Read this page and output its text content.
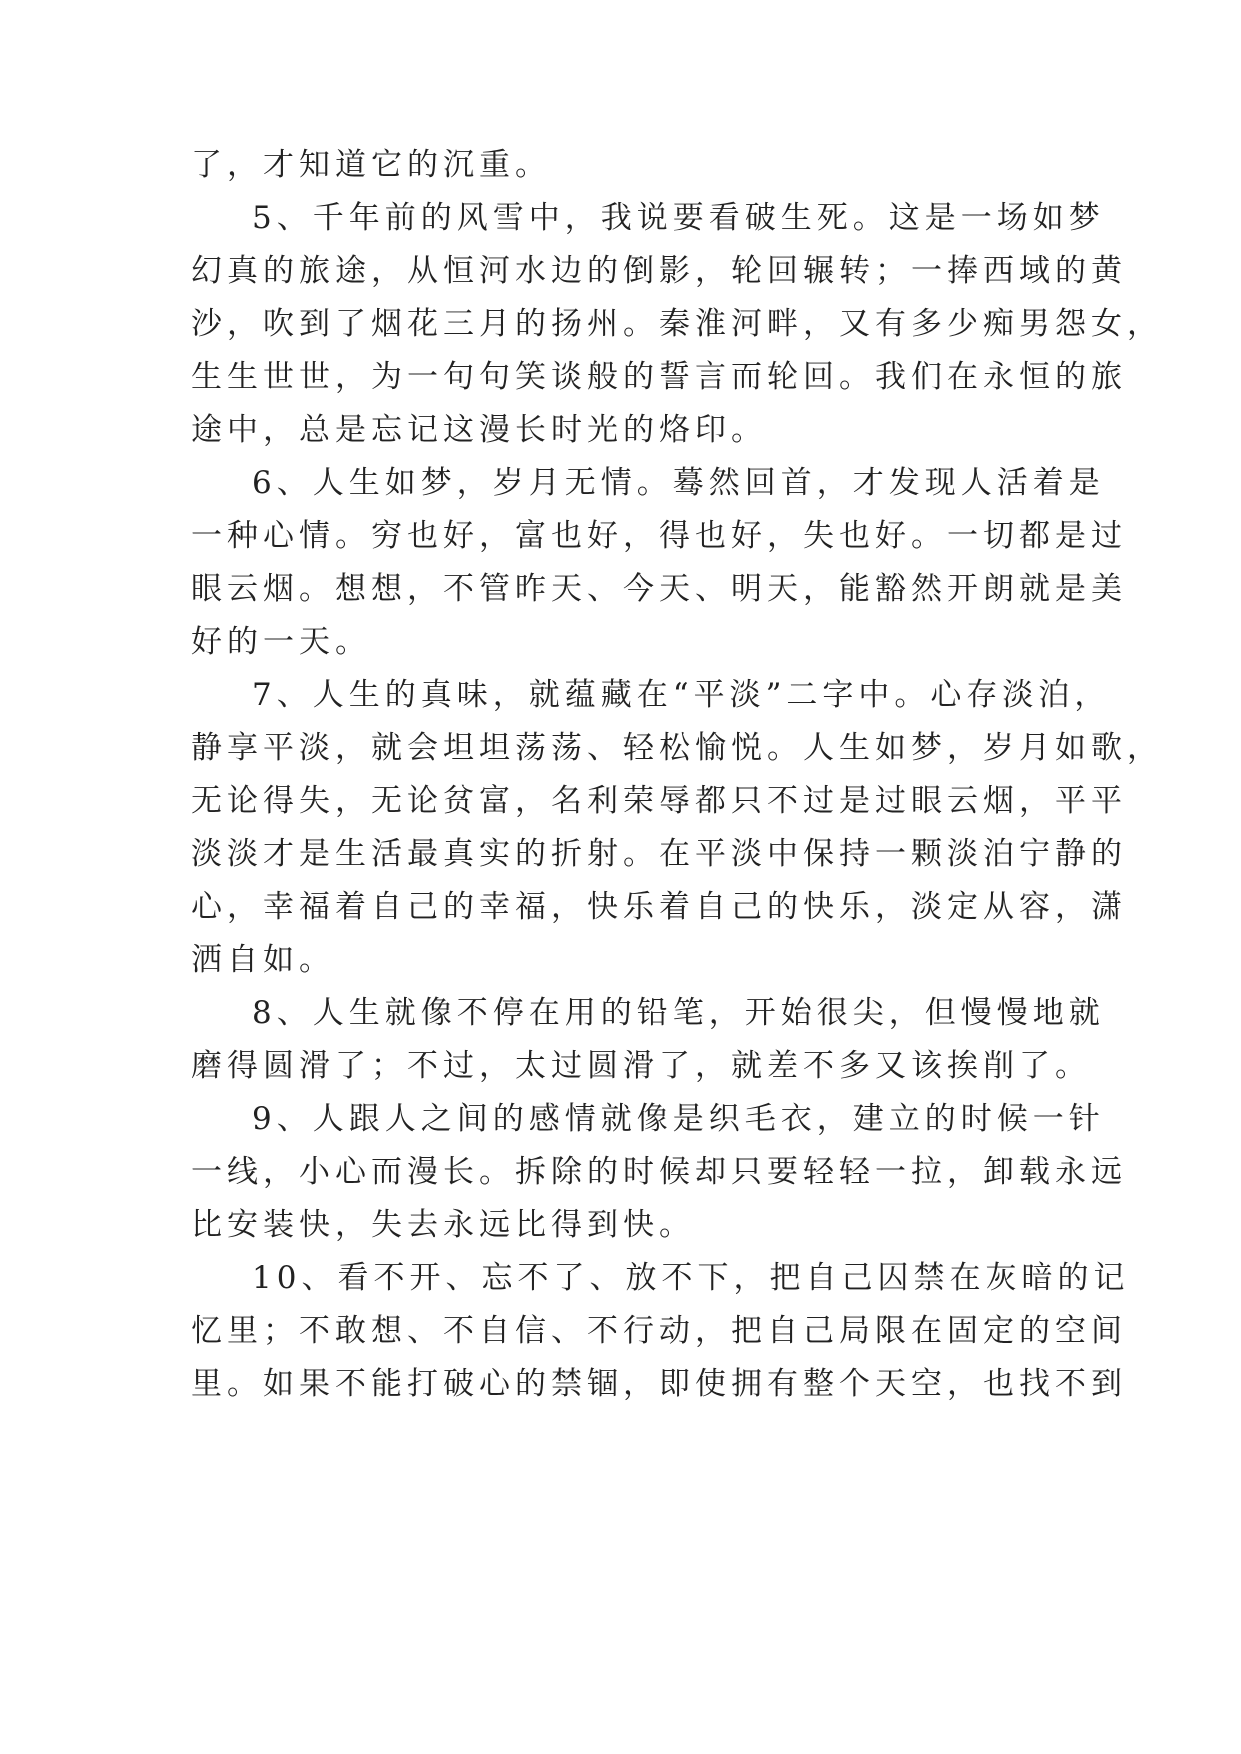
了，才知道它的沉重。

5、千年前的风雪中，我说要看破生死。这是一场如梦

幻真的旅途，从恒河水边的倒影，轮回辗转；一捧西域的黄

沙，吹到了烟花三月的扬州。秦淮河畔，又有多少痴男怨女，

生生世世，为一句句笑谈般的誓言而轮回。我们在永恒的旅

途中，总是忘记这漫长时光的烙印。

6、人生如梦，岁月无情。蓦然回首，才发现人活着是

一种心情。穷也好，富也好，得也好，失也好。一切都是过

眼云烟。想想，不管昨天、今天、明天，能豁然开朗就是美

好的一天。

7、人生的真味，就蕴藏在“平淡”二字中。心存淡泊，

静享平淡，就会坦坦荡荡、轻松愉悦。人生如梦，岁月如歌，

无论得失，无论贫富，名利荣辱都只不过是过眼云烟，平平

淡淡才是生活最真实的折射。在平淡中保持一颗淡泊宁静的

心，幸福着自己的幸福，快乐着自己的快乐，淡定从容，潇

洒自如。

8、人生就像不停在用的铅笔，开始很尖，但慢慢地就

磨得圆滑了；不过，太过圆滑了，就差不多又该挨削了。

9、人跟人之间的感情就像是织毛衣，建立的时候一针

一线，小心而漫长。拆除的时候却只要轻轻一拉，卸载永远

比安装快，失去永远比得到快。

10、看不开、忘不了、放不下，把自己囚禁在灰暗的记

忆里；不敢想、不自信、不行动，把自己局限在固定的空间

里。如果不能打破心的禁锢，即使拥有整个天空，也找不到
